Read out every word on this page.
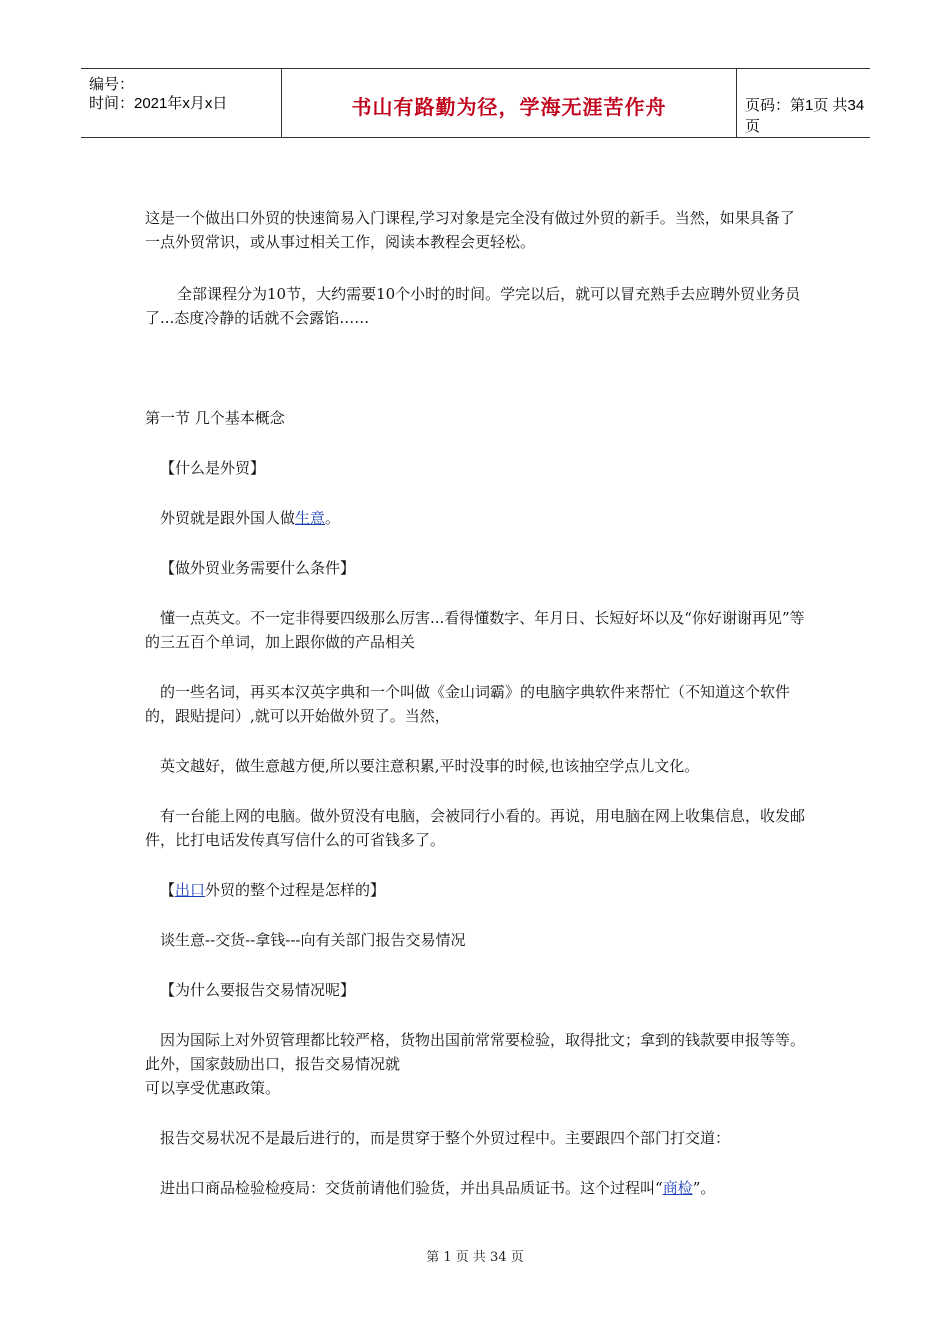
编号：
时间：2021年x月x日	书山有路勤为径，学海无涯苦作舟	页码：第1页 共34页

这是一个做出口外贸的快速简易入门课程,学习对象是完全没有做过外贸的新手。当然，如果具备了一点外贸常识，或从事过相关工作，阅读本教程会更轻松。

全部课程分为10节，大约需要10个小时的时间。学完以后，就可以冒充熟手去应聘外贸业务员了...态度冷静的话就不会露馅……

第一节 几个基本概念

【什么是外贸】

外贸就是跟外国人做生意。

【做外贸业务需要什么条件】

懂一点英文。不一定非得要四级那么厉害...看得懂数字、年月日、长短好坏以及“你好谢谢再见”等的三五百个单词，加上跟你做的产品相关

的一些名词，再买本汉英字典和一个叫做《金山词霸》的电脑字典软件来帮忙（不知道这个软件的，跟贴提问）,就可以开始做外贸了。当然，

英文越好，做生意越方便,所以要注意积累,平时没事的时候,也该抽空学点儿文化。

有一台能上网的电脑。做外贸没有电脑，会被同行小看的。再说，用电脑在网上收集信息，收发邮件，比打电话发传真写信什么的可省钱多了。

【出口外贸的整个过程是怎样的】

谈生意--交货--拿钱---向有关部门报告交易情况

【为什么要报告交易情况呢】

因为国际上对外贸管理都比较严格，货物出国前常常要检验，取得批文；拿到的钱款要申报等等。此外，国家鼓励出口，报告交易情况就

可以享受优惠政策。

报告交易状况不是最后进行的，而是贯穿于整个外贸过程中。主要跟四个部门打交道：

进出口商品检验检疫局：交货前请他们验货，并出具品质证书。这个过程叫“商检”。

第 1 页 共 34 页
